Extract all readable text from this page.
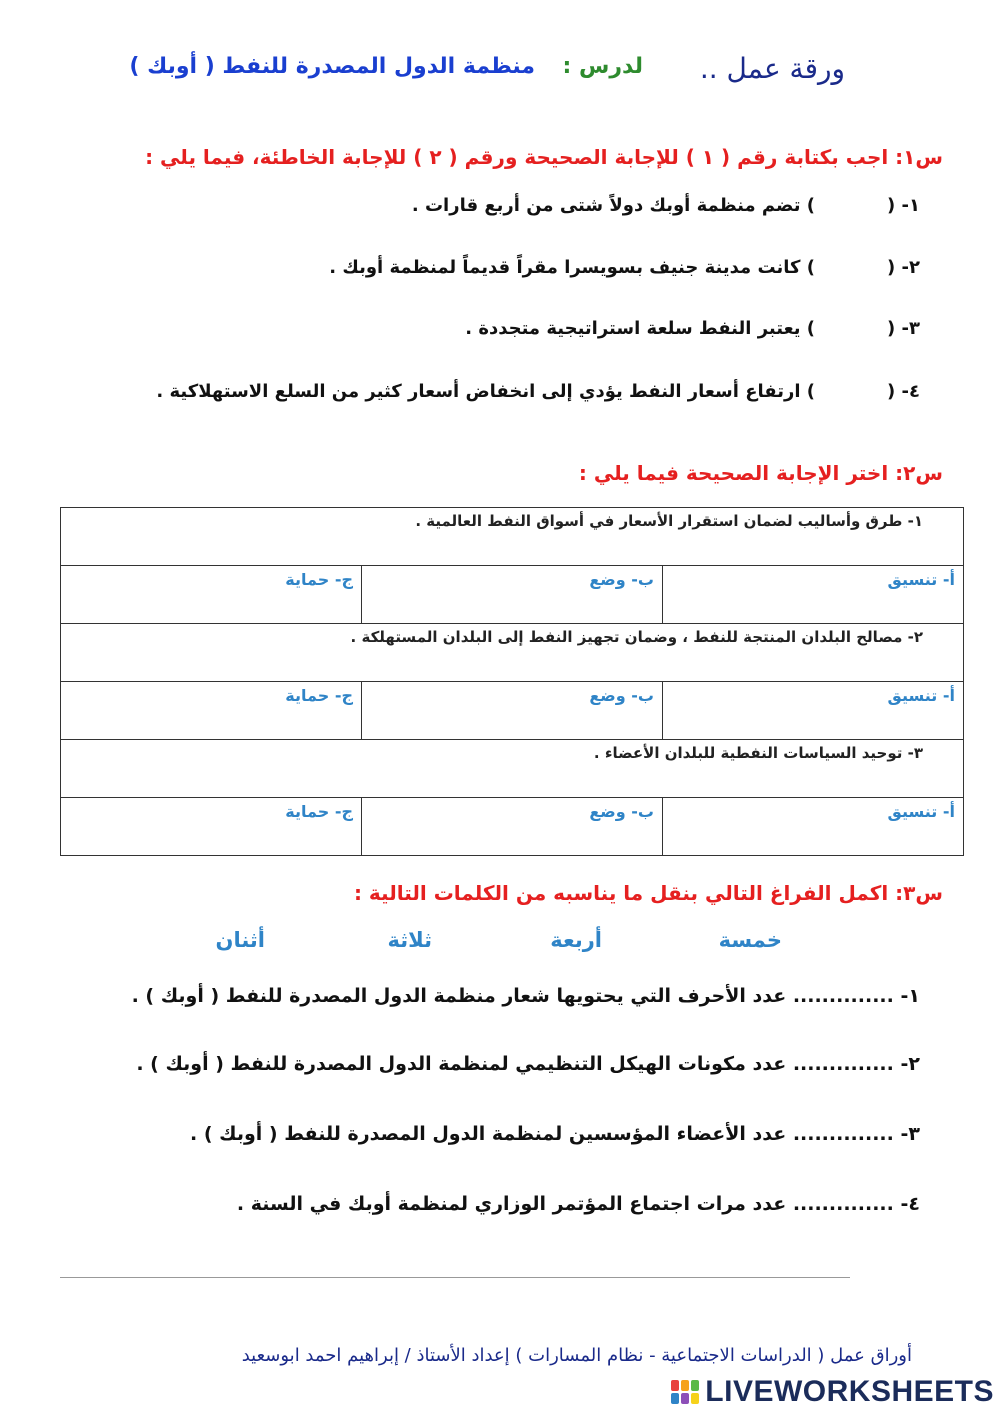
ورقة عمل ..
لدرس :
منظمة الدول المصدرة للنفط ( أوبك )
س١: اجب بكتابة رقم ( ١ ) للإجابة الصحيحة ورقم ( ٢ ) للإجابة الخاطئة، فيما يلي :
١- (
) تضم منظمة أوبك دولاً شتى من أربع قارات .
٢- (
) كانت مدينة جنيف بسويسرا مقراً قديماً لمنظمة أوبك .
٣- (
) يعتبر النفط سلعة استراتيجية متجددة .
٤- (
) ارتفاع أسعار النفط يؤدي إلى انخفاض أسعار كثير من السلع الاستهلاكية .
س٢: اختر الإجابة الصحيحة فيما يلي :
١- طرق وأساليب لضمان استقرار الأسعار في أسواق النفط العالمية .		
ج- حماية	ب- وضع	أ- تنسيق
٢- مصالح البلدان المنتجة للنفط ، وضمان تجهيز النفط إلى البلدان المستهلكة .		
ج- حماية	ب- وضع	أ- تنسيق
٣- توحيد السياسات النفطية للبلدان الأعضاء .		
ج- حماية	ب- وضع	أ- تنسيق
س٣: اكمل الفراغ التالي بنقل ما يناسبه من الكلمات التالية :
خمسة
أربعة
ثلاثة
أثنان
١- .............. عدد الأحرف التي يحتويها شعار منظمة الدول المصدرة للنفط ( أوبك ) .
٢- .............. عدد مكونات الهيكل التنظيمي لمنظمة الدول المصدرة للنفط ( أوبك ) .
٣- .............. عدد الأعضاء المؤسسين لمنظمة الدول المصدرة للنفط ( أوبك ) .
٤- .............. عدد مرات اجتماع المؤتمر الوزاري لمنظمة أوبك في السنة .
أوراق عمل ( الدراسات الاجتماعية - نظام المسارات ) إعداد الأستاذ / إبراهيم احمد ابوسعيد
LIVEWORKSHEETS
